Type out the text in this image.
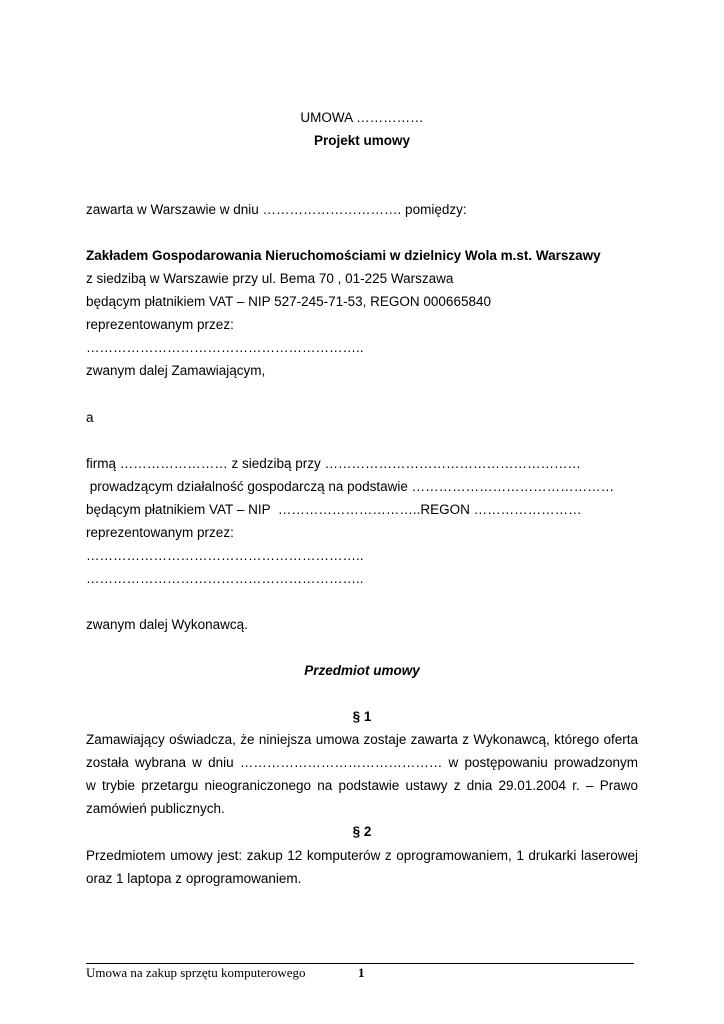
UMOWA ……………
Projekt umowy
zawarta w Warszawie w dniu …………………………. pomiędzy:
Zakładem Gospodarowania Nieruchomościami w dzielnicy Wola m.st. Warszawy
z siedzibą w Warszawie przy ul. Bema 70 , 01-225 Warszawa
będącym płatnikiem VAT – NIP 527-245-71-53, REGON 000665840
reprezentowanym przez:
……………………………………………………..
zwanym dalej Zamawiającym,
a
firmą …………………… z siedzibą przy …………………………………………………
prowadzącym działalność gospodarczą na podstawie ………………………………………
będącym płatnikiem VAT – NIP  …………………………..REGON ……………………
reprezentowanym przez:
……………………………………………………..
……………………………………………………..
zwanym dalej Wykonawcą.
Przedmiot umowy
§ 1
Zamawiający oświadcza, że niniejsza umowa zostaje zawarta z Wykonawcą, którego oferta
została wybrana w dniu ……………………………………… w postępowaniu prowadzonym
w trybie przetargu nieograniczonego na podstawie ustawy z dnia 29.01.2004 r. – Prawo
zamówień publicznych.
§ 2
Przedmiotem umowy jest: zakup 12 komputerów z oprogramowaniem, 1 drukarki laserowej
oraz 1 laptopa z oprogramowaniem.
Umowa na zakup sprzętu komputerowego	1
